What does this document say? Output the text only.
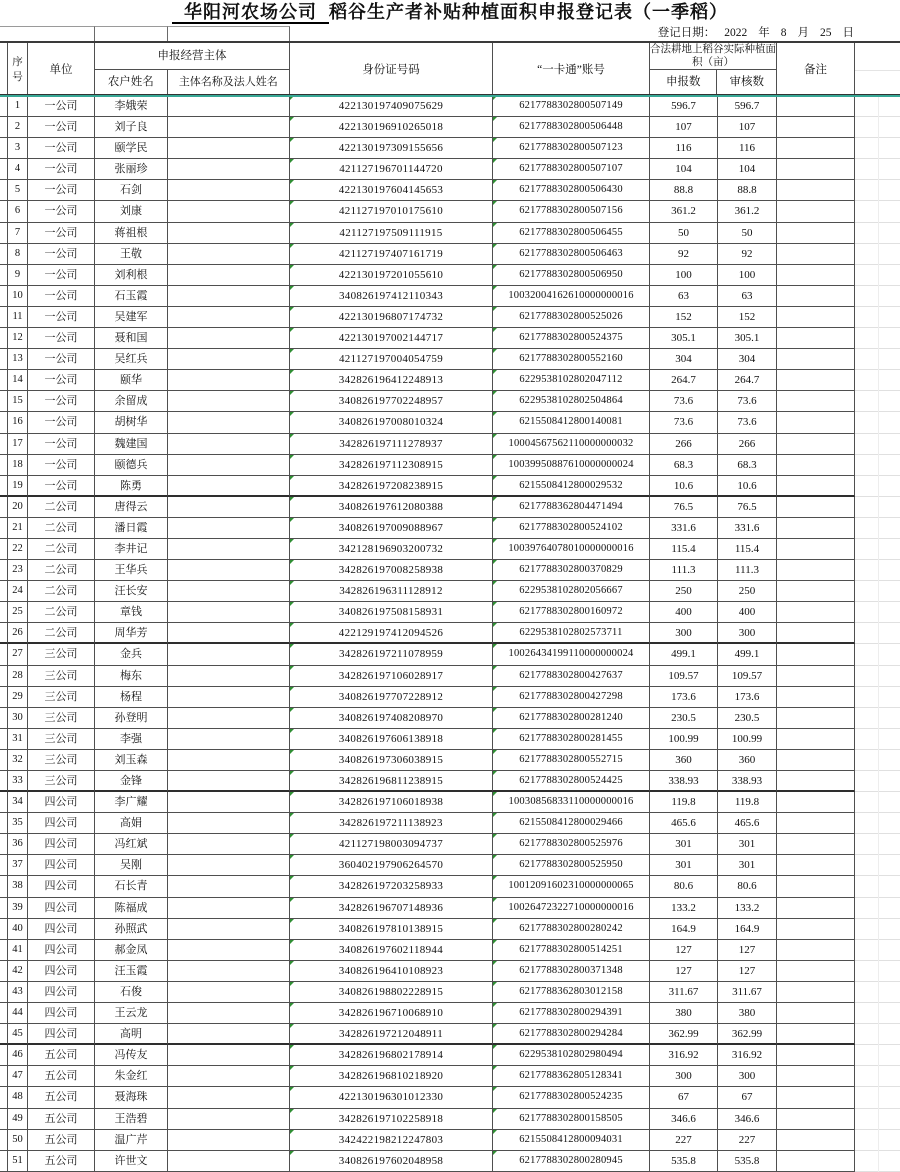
华阳河农场公司 稻谷生产者补贴种植面积申报登记表（一季稻）
登记日期： 2022 年 8 月 25 日
序号
单位
申报经营主体
农户姓名	主体名称及法人姓名
身份证号码	“一卡通”账号
合法耕地上稻谷实际种植面积（亩）
申报数	审核数
备注
1	一公司	李娥荣	422130197409075629	6217788302800507149	596.7	596.7
2	一公司	刘子良	422130196910265018	6217788302800506448	107	107
3	一公司	颐学民	422130197309155656	6217788302800507123	116	116
4	一公司	张丽珍	421127196701144720	6217788302800507107	104	104
5	一公司	石剑	422130197604145653	6217788302800506430	88.8	88.8
6	一公司	刘康	421127197010175610	6217788302800507156	361.2	361.2
7	一公司	蒋祖根	421127197509111915	6217788302800506455	50	50
8	一公司	王敬	421127197407161719	6217788302800506463	92	92
9	一公司	刘利根	422130197201055610	6217788302800506950	100	100
10	一公司	石玉霞	340826197412110343	10032004162610000000016	63	63
11	一公司	吴建军	422130196807174732	6217788302800525026	152	152
12	一公司	聂和国	422130197002144717	6217788302800524375	305.1	305.1
13	一公司	吴红兵	421127197004054759	6217788302800552160	304	304
14	一公司	颐华	342826196412248913	6229538102802047112	264.7	264.7
15	一公司	余留成	340826197702248957	6229538102802504864	73.6	73.6
16	一公司	胡树华	340826197008010324	6215508412800140081	73.6	73.6
17	一公司	魏建国	342826197111278937	10004567562110000000032	266	266
18	一公司	颐德兵	342826197112308915	10039950887610000000024	68.3	68.3
19	一公司	陈勇	342826197208238915	6215508412800029532	10.6	10.6
20	二公司	唐得云	340826197612080388	6217788362804471494	76.5	76.5
21	二公司	潘日霞	340826197009088967	6217788302800524102	331.6	331.6
22	二公司	李井记	342128196903200732	10039764078010000000016	115.4	115.4
23	二公司	王华兵	342826197008258938	6217788302800370829	111.3	111.3
24	二公司	汪长安	342826196311128912	6229538102802056667	250	250
25	二公司	章钱	340826197508158931	6217788302800160972	400	400
26	二公司	周华芳	422129197412094526	6229538102802573711	300	300
27	三公司	金兵	342826197211078959	10026434199110000000024	499.1	499.1
28	三公司	梅东	342826197106028917	6217788302800427637	109.57	109.57
29	三公司	杨程	340826197707228912	6217788302800427298	173.6	173.6
30	三公司	孙登明	340826197408208970	6217788302800281240	230.5	230.5
31	三公司	李强	340826197606138918	6217788302800281455	100.99	100.99
32	三公司	刘玉森	340826197306038915	6217788302800552715	360	360
33	三公司	金锋	342826196811238915	6217788302800524425	338.93	338.93
34	四公司	李广耀	342826197106018938	10030856833110000000016	119.8	119.8
35	四公司	高娟	342826197211138923	6215508412800029466	465.6	465.6
36	四公司	冯红斌	421127198003094737	6217788302800525976	301	301
37	四公司	吴刚	360402197906264570	6217788302800525950	301	301
38	四公司	石长青	342826197203258933	10012091602310000000065	80.6	80.6
39	四公司	陈福成	342826196707148936	10026472322710000000016	133.2	133.2
40	四公司	孙照武	340826197810138915	6217788302800280242	164.9	164.9
41	四公司	郝金凤	340826197602118944	6217788302800514251	127	127
42	四公司	汪玉霞	340826196410108923	6217788302800371348	127	127
43	四公司	石俊	340826198802228915	6217788362803012158	311.67	311.67
44	四公司	王云龙	342826196710068910	6217788302800294391	380	380
45	四公司	高明	342826197212048911	6217788302800294284	362.99	362.99
46	五公司	冯传友	342826196802178914	6229538102802980494	316.92	316.92
47	五公司	朱金红	342826196810218920	6217788362805128341	300	300
48	五公司	聂海珠	422130196301012330	6217788302800524235	67	67
49	五公司	王浩碧	342826197102258918	6217788302800158505	346.6	346.6
50	五公司	温广芹	342422198212247803	6215508412800094031	227	227
51	五公司	许世文	340826197602048958	6217788302800280945	535.8	535.8
